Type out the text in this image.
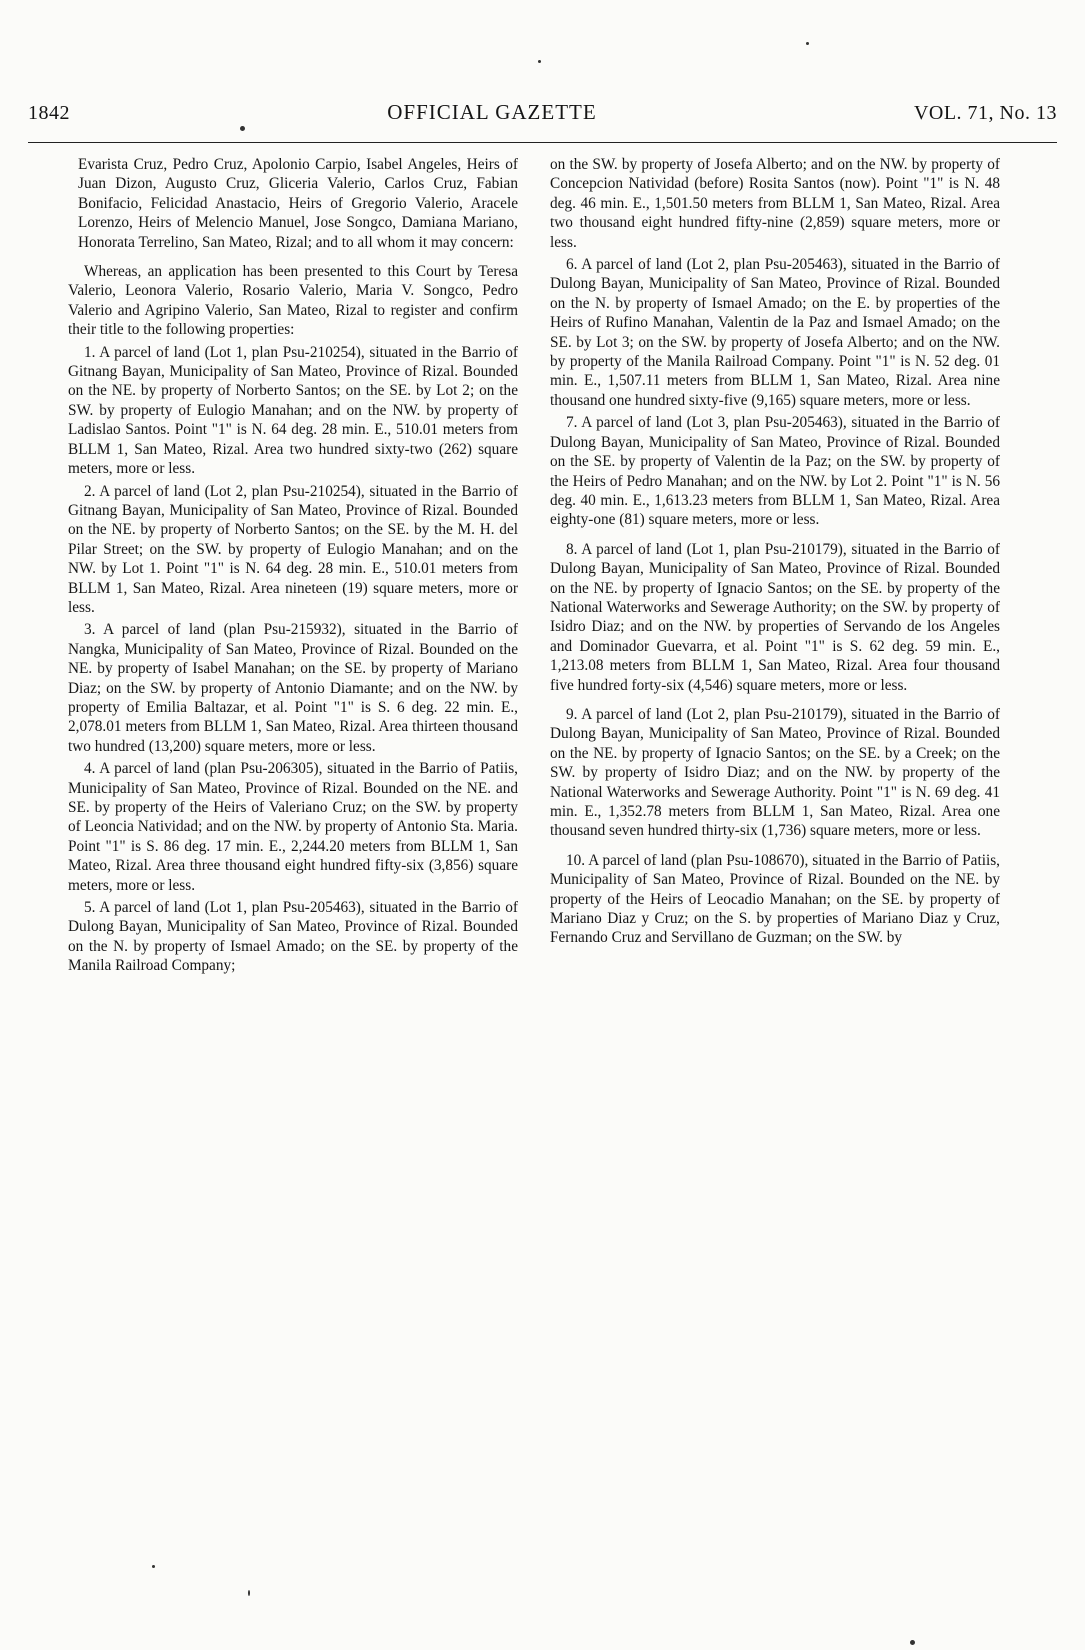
1842	OFFICIAL GAZETTE	VOL. 71, No. 13

Evarista Cruz, Pedro Cruz, Apolonio Carpio, Isabel Angeles, Heirs of Juan Dizon, Augusto Cruz, Gliceria Valerio, Carlos Cruz, Fabian Bonifacio, Felicidad Anastacio, Heirs of Gregorio Valerio, Aracele Lorenzo, Heirs of Melencio Manuel, Jose Songco, Damiana Mariano, Honorata Terrelino, San Mateo, Rizal; and to all whom it may concern:

Whereas, an application has been presented to this Court by Teresa Valerio, Leonora Valerio, Rosario Valerio, Maria V. Songco, Pedro Valerio and Agripino Valerio, San Mateo, Rizal to register and confirm their title to the following properties:

1. A parcel of land (Lot 1, plan Psu-210254), situated in the Barrio of Gitnang Bayan, Municipality of San Mateo, Province of Rizal. Bounded on the NE. by property of Norberto Santos; on the SE. by Lot 2; on the SW. by property of Eulogio Manahan; and on the NW. by property of Ladislao Santos. Point "1" is N. 64 deg. 28 min. E., 510.01 meters from BLLM 1, San Mateo, Rizal. Area two hundred sixty-two (262) square meters, more or less.

2. A parcel of land (Lot 2, plan Psu-210254), situated in the Barrio of Gitnang Bayan, Municipality of San Mateo, Province of Rizal. Bounded on the NE. by property of Norberto Santos; on the SE. by the M. H. del Pilar Street; on the SW. by property of Eulogio Manahan; and on the NW. by Lot 1. Point "1" is N. 64 deg. 28 min. E., 510.01 meters from BLLM 1, San Mateo, Rizal. Area nineteen (19) square meters, more or less.

3. A parcel of land (plan Psu-215932), situated in the Barrio of Nangka, Municipality of San Mateo, Province of Rizal. Bounded on the NE. by property of Isabel Manahan; on the SE. by property of Mariano Diaz; on the SW. by property of Antonio Diamante; and on the NW. by property of Emilia Baltazar, et al. Point "1" is S. 6 deg. 22 min. E., 2,078.01 meters from BLLM 1, San Mateo, Rizal. Area thirteen thousand two hundred (13,200) square meters, more or less.

4. A parcel of land (plan Psu-206305), situated in the Barrio of Patiis, Municipality of San Mateo, Province of Rizal. Bounded on the NE. and SE. by property of the Heirs of Valeriano Cruz; on the SW. by property of Leoncia Natividad; and on the NW. by property of Antonio Sta. Maria. Point "1" is S. 86 deg. 17 min. E., 2,244.20 meters from BLLM 1, San Mateo, Rizal. Area three thousand eight hundred fifty-six (3,856) square meters, more or less.

5. A parcel of land (Lot 1, plan Psu-205463), situated in the Barrio of Dulong Bayan, Municipality of San Mateo, Province of Rizal. Bounded on the N. by property of Ismael Amado; on the SE. by property of the Manila Railroad Company;

on the SW. by property of Josefa Alberto; and on the NW. by property of Concepcion Natividad (before) Rosita Santos (now). Point "1" is N. 48 deg. 46 min. E., 1,501.50 meters from BLLM 1, San Mateo, Rizal. Area two thousand eight hundred fifty-nine (2,859) square meters, more or less.

6. A parcel of land (Lot 2, plan Psu-205463), situated in the Barrio of Dulong Bayan, Municipality of San Mateo, Province of Rizal. Bounded on the N. by property of Ismael Amado; on the E. by properties of the Heirs of Rufino Manahan, Valentin de la Paz and Ismael Amado; on the SE. by Lot 3; on the SW. by property of Josefa Alberto; and on the NW. by property of the Manila Railroad Company. Point "1" is N. 52 deg. 01 min. E., 1,507.11 meters from BLLM 1, San Mateo, Rizal. Area nine thousand one hundred sixty-five (9,165) square meters, more or less.

7. A parcel of land (Lot 3, plan Psu-205463), situated in the Barrio of Dulong Bayan, Municipality of San Mateo, Province of Rizal. Bounded on the SE. by property of Valentin de la Paz; on the SW. by property of the Heirs of Pedro Manahan; and on the NW. by Lot 2. Point "1" is N. 56 deg. 40 min. E., 1,613.23 meters from BLLM 1, San Mateo, Rizal. Area eighty-one (81) square meters, more or less.

8. A parcel of land (Lot 1, plan Psu-210179), situated in the Barrio of Dulong Bayan, Municipality of San Mateo, Province of Rizal. Bounded on the NE. by property of Ignacio Santos; on the SE. by property of the National Waterworks and Sewerage Authority; on the SW. by property of Isidro Diaz; and on the NW. by properties of Servando de los Angeles and Dominador Guevarra, et al. Point "1" is S. 62 deg. 59 min. E., 1,213.08 meters from BLLM 1, San Mateo, Rizal. Area four thousand five hundred forty-six (4,546) square meters, more or less.

9. A parcel of land (Lot 2, plan Psu-210179), situated in the Barrio of Dulong Bayan, Municipality of San Mateo, Province of Rizal. Bounded on the NE. by property of Ignacio Santos; on the SE. by a Creek; on the SW. by property of Isidro Diaz; and on the NW. by property of the National Waterworks and Sewerage Authority. Point "1" is N. 69 deg. 41 min. E., 1,352.78 meters from BLLM 1, San Mateo, Rizal. Area one thousand seven hundred thirty-six (1,736) square meters, more or less.

10. A parcel of land (plan Psu-108670), situated in the Barrio of Patiis, Municipality of San Mateo, Province of Rizal. Bounded on the NE. by property of the Heirs of Leocadio Manahan; on the SE. by property of Mariano Diaz y Cruz; on the S. by properties of Mariano Diaz y Cruz, Fernando Cruz and Servillano de Guzman; on the SW. by
